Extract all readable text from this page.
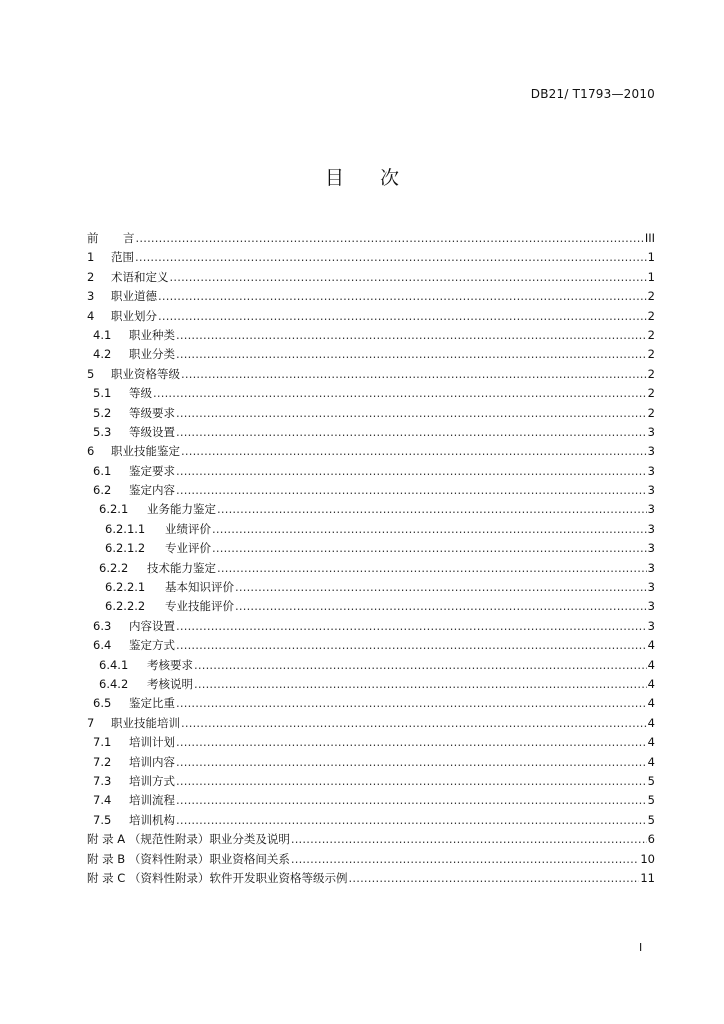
DB21/ T1793—2010
目 次
前	言 .....	III
1	范围 .....	1
2	术语和定义 .....	1
3	职业道德 .....	2
4	职业划分 .....	2
4.1	职业种类 .....	2
4.2	职业分类 .....	2
5	职业资格等级 .....	2
5.1	等级 .....	2
5.2	等级要求 .....	2
5.3	等级设置 .....	3
6	职业技能鉴定 .....	3
6.1	鉴定要求 .....	3
6.2	鉴定内容 .....	3
6.2.1	业务能力鉴定 .....	3
6.2.1.1	业绩评价 .....	3
6.2.1.2	专业评价 .....	3
6.2.2	技术能力鉴定 .....	3
6.2.2.1	基本知识评价 .....	3
6.2.2.2	专业技能评价 .....	3
6.3	内容设置 .....	3
6.4	鉴定方式 .....	4
6.4.1	考核要求 .....	4
6.4.2	考核说明 .....	4
6.5	鉴定比重 .....	4
7	职业技能培训 .....	4
7.1	培训计划 .....	4
7.2	培训内容 .....	4
7.3	培训方式 .....	5
7.4	培训流程 .....	5
7.5	培训机构 .....	5
附 录 A （规范性附录）职业分类及说明 .....	6
附 录 B （资料性附录）职业资格间关系 .....	10
附 录 C （资料性附录）软件开发职业资格等级示例 .....	11
I
